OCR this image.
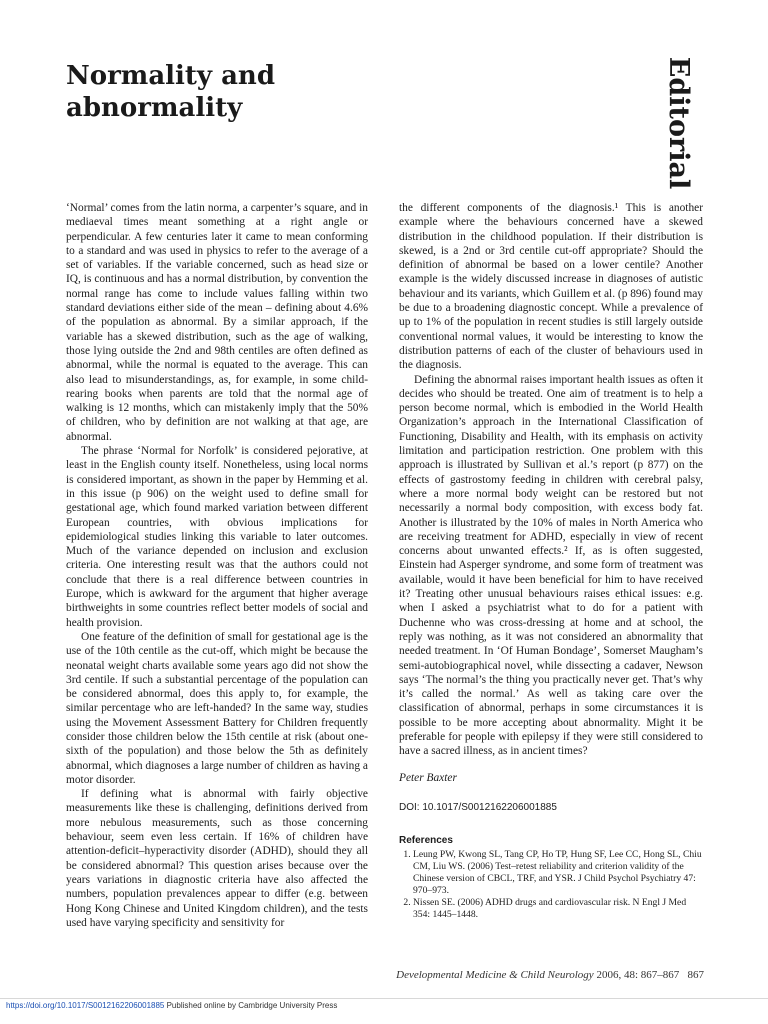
Normality and
abnormality	Editorial

‘Normal’ comes from the latin norma, a carpenter’s square, and in mediaeval times meant something at a right angle or perpendicular. A few centuries later it came to mean conforming to a standard and was used in physics to refer to the average of a set of variables. If the variable concerned, such as head size or IQ, is continuous and has a normal distribution, by convention the normal range has come to include values falling within two standard deviations either side of the mean – defining about 4.6% of the population as abnormal. By a similar approach, if the variable has a skewed distribution, such as the age of walking, those lying outside the 2nd and 98th centiles are often defined as abnormal, while the normal is equated to the average. This can also lead to misunderstandings, as, for example, in some child-rearing books when parents are told that the normal age of walking is 12 months, which can mistakenly imply that the 50% of children, who by definition are not walking at that age, are abnormal.

The phrase ‘Normal for Norfolk’ is considered pejorative, at least in the English county itself. Nonetheless, using local norms is considered important, as shown in the paper by Hemming et al. in this issue (p 906) on the weight used to define small for gestational age, which found marked variation between different European countries, with obvious implications for epidemiological studies linking this variable to later outcomes. Much of the variance depended on inclusion and exclusion criteria. One interesting result was that the authors could not conclude that there is a real difference between countries in Europe, which is awkward for the argument that higher average birthweights in some countries reflect better models of social and health provision.

One feature of the definition of small for gestational age is the use of the 10th centile as the cut-off, which might be because the neonatal weight charts available some years ago did not show the 3rd centile. If such a substantial percentage of the population can be considered abnormal, does this apply to, for example, the similar percentage who are left-handed? In the same way, studies using the Movement Assessment Battery for Children frequently consider those children below the 15th centile at risk (about one-sixth of the population) and those below the 5th as definitely abnormal, which diagnoses a large number of children as having a motor disorder.

If defining what is abnormal with fairly objective measurements like these is challenging, definitions derived from more nebulous measurements, such as those concerning behaviour, seem even less certain. If 16% of children have attention-deficit–hyperactivity disorder (ADHD), should they all be considered abnormal? This question arises because over the years variations in diagnostic criteria have also affected the numbers, population prevalences appear to differ (e.g. between Hong Kong Chinese and United Kingdom children), and the tests used have varying specificity and sensitivity for

the different components of the diagnosis.¹ This is another example where the behaviours concerned have a skewed distribution in the childhood population. If their distribution is skewed, is a 2nd or 3rd centile cut-off appropriate? Should the definition of abnormal be based on a lower centile? Another example is the widely discussed increase in diagnoses of autistic behaviour and its variants, which Guillem et al. (p 896) found may be due to a broadening diagnostic concept. While a prevalence of up to 1% of the population in recent studies is still largely outside conventional normal values, it would be interesting to know the distribution patterns of each of the cluster of behaviours used in the diagnosis.

Defining the abnormal raises important health issues as often it decides who should be treated. One aim of treatment is to help a person become normal, which is embodied in the World Health Organization’s approach in the International Classification of Functioning, Disability and Health, with its emphasis on activity limitation and participation restriction. One problem with this approach is illustrated by Sullivan et al.’s report (p 877) on the effects of gastrostomy feeding in children with cerebral palsy, where a more normal body weight can be restored but not necessarily a normal body composition, with excess body fat. Another is illustrated by the 10% of males in North America who are receiving treatment for ADHD, especially in view of recent concerns about unwanted effects.² If, as is often suggested, Einstein had Asperger syndrome, and some form of treatment was available, would it have been beneficial for him to have received it? Treating other unusual behaviours raises ethical issues: e.g. when I asked a psychiatrist what to do for a patient with Duchenne who was cross-dressing at home and at school, the reply was nothing, as it was not considered an abnormality that needed treatment. In ‘Of Human Bondage’, Somerset Maugham’s semi-autobiographical novel, while dissecting a cadaver, Newson says ‘The normal’s the thing you practically never get. That’s why it’s called the normal.’ As well as taking care over the classification of abnormal, perhaps in some circumstances it is possible to be more accepting about abnormality. Might it be preferable for people with epilepsy if they were still considered to have a sacred illness, as in ancient times?

Peter Baxter

DOI: 10.1017/S0012162206001885

References
1. Leung PW, Kwong SL, Tang CP, Ho TP, Hung SF, Lee CC, Hong SL, Chiu CM, Liu WS. (2006) Test–retest reliability and criterion validity of the Chinese version of CBCL, TRF, and YSR. J Child Psychol Psychiatry 47: 970–973.
2. Nissen SE. (2006) ADHD drugs and cardiovascular risk. N Engl J Med 354: 1445–1448.
Developmental Medicine & Child Neurology 2006, 48: 867–867 867
https://doi.org/10.1017/S0012162206001885 Published online by Cambridge University Press
